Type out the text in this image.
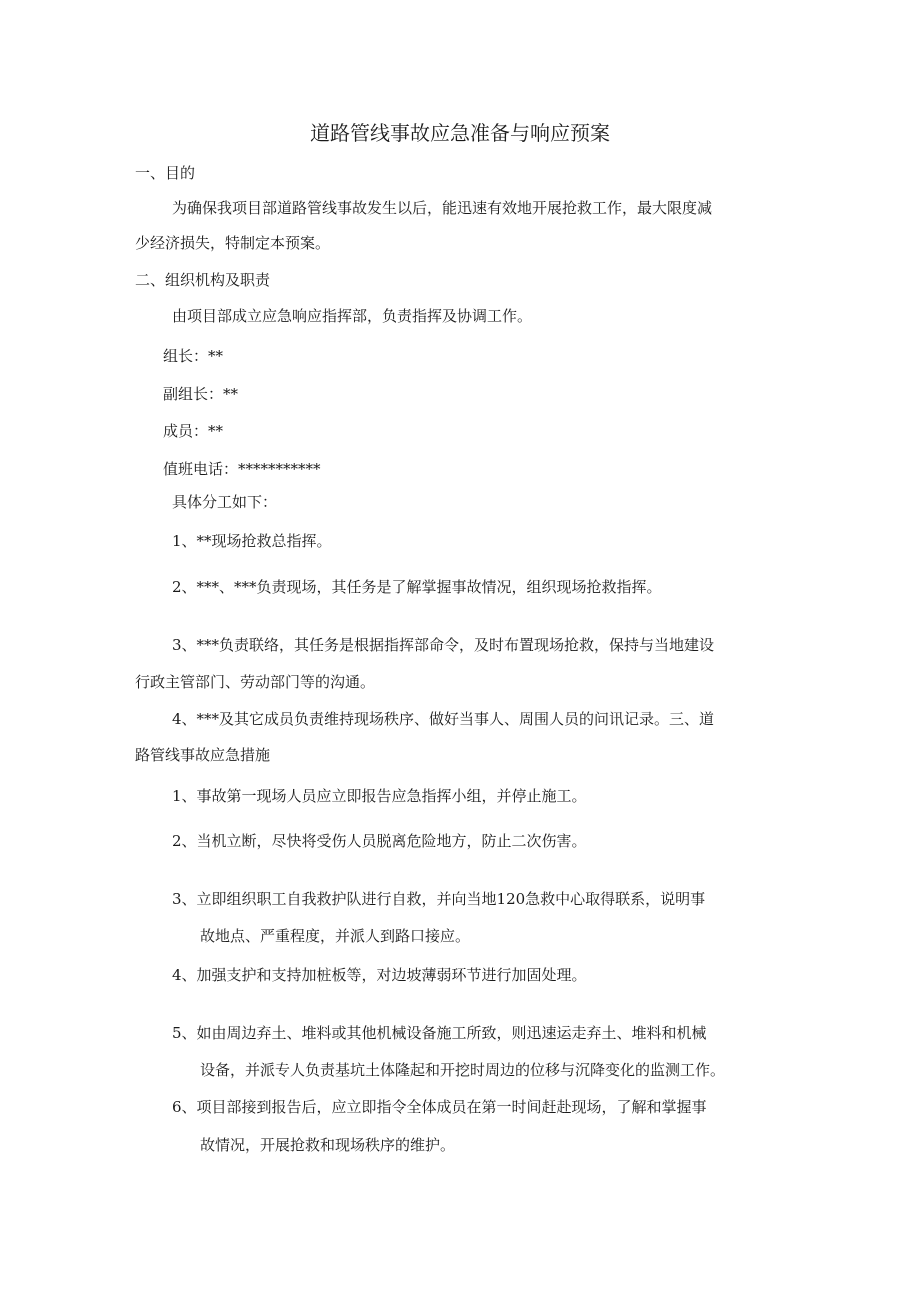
道路管线事故应急准备与响应预案
一、目的
为确保我项目部道路管线事故发生以后，能迅速有效地开展抢救工作，最大限度减
少经济损失，特制定本预案。
二、组织机构及职责
由项目部成立应急响应指挥部，负责指挥及协调工作。
组长：**
副组长：**
成员：**
值班电话：***********
具体分工如下：
1、**现场抢救总指挥。
2、***、***负责现场，其任务是了解掌握事故情况，组织现场抢救指挥。
3、***负责联络，其任务是根据指挥部命令，及时布置现场抢救，保持与当地建设
行政主管部门、劳动部门等的沟通。
4、***及其它成员负责维持现场秩序、做好当事人、周围人员的问讯记录。三、道
路管线事故应急措施
1、事故第一现场人员应立即报告应急指挥小组，并停止施工。
2、当机立断，尽快将受伤人员脱离危险地方，防止二次伤害。
3、立即组织职工自我救护队进行自救，并向当地120急救中心取得联系，说明事
故地点、严重程度，并派人到路口接应。
4、加强支护和支持加桩板等，对边坡薄弱环节进行加固处理。
5、如由周边弃土、堆料或其他机械设备施工所致，则迅速运走弃土、堆料和机械
设备，并派专人负责基坑土体隆起和开挖时周边的位移与沉降变化的监测工作。
6、项目部接到报告后，应立即指令全体成员在第一时间赶赴现场，了解和掌握事
故情况，开展抢救和现场秩序的维护。
